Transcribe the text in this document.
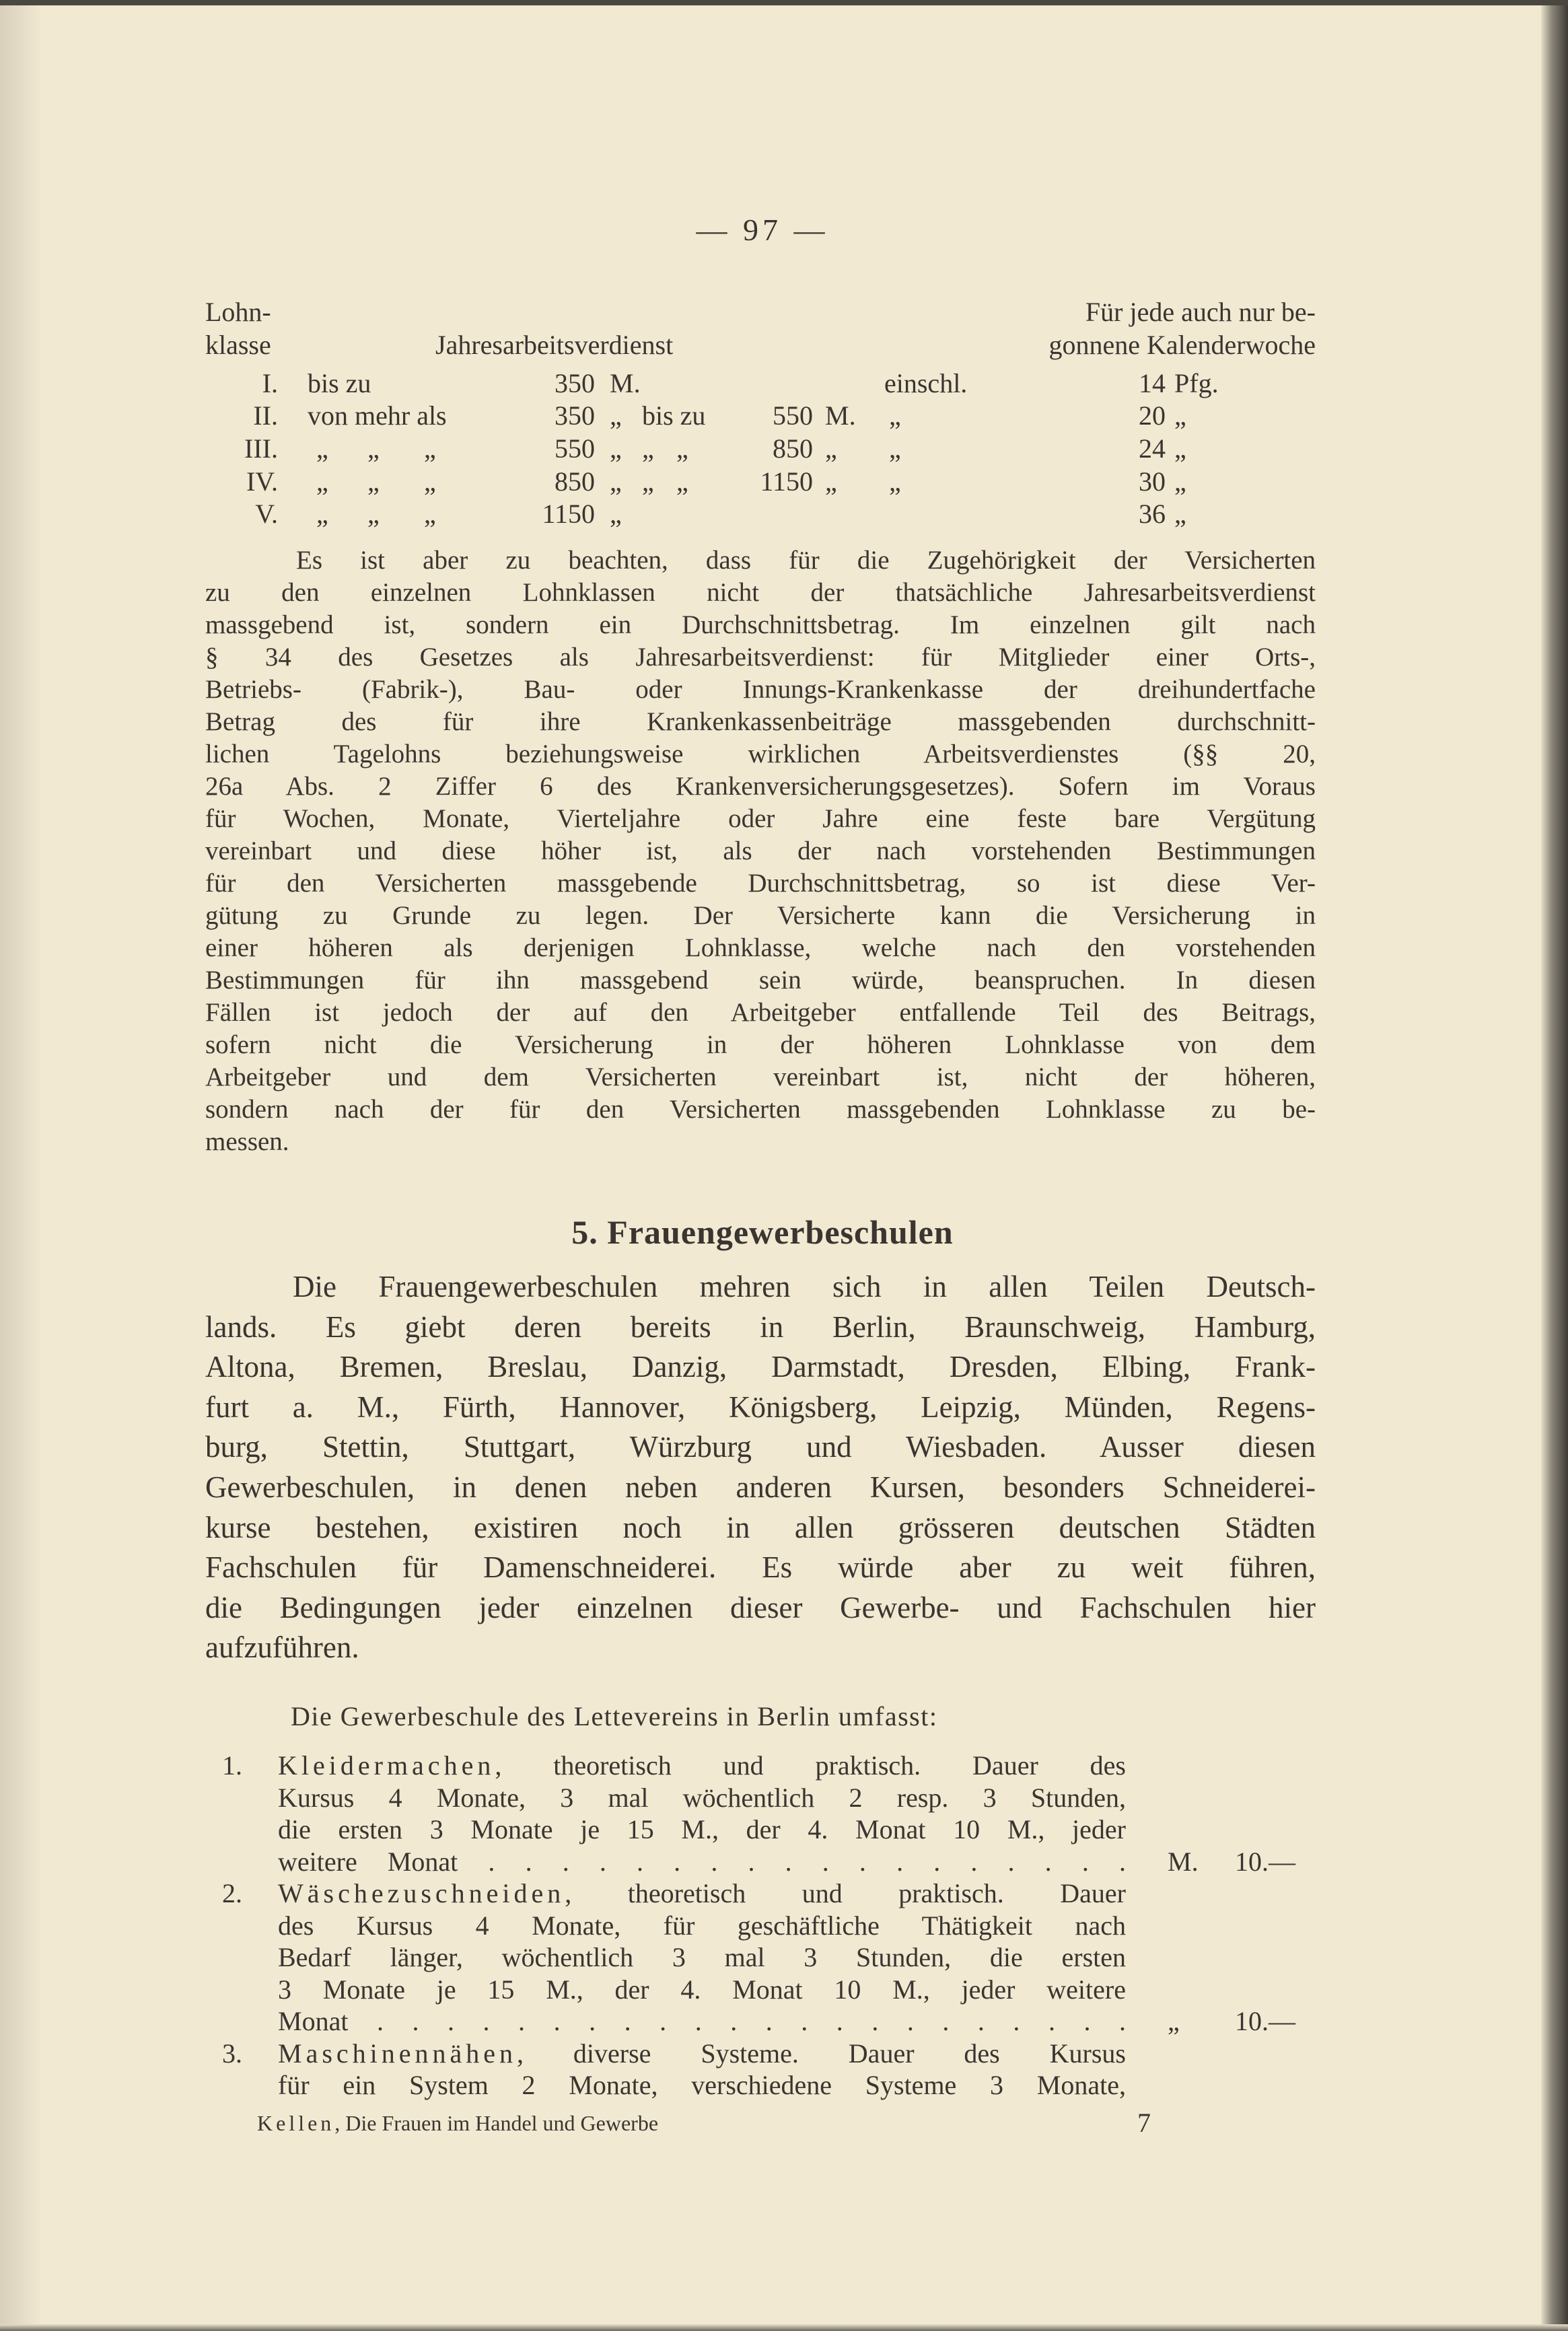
— 97 —
Lohn-
klasse	Jahresarbeitsverdienst
Für jede auch nur be-
gonnene Kalenderwoche
I. bis zu	350 M.	einschl.	14 Pfg.
II. von mehr als	350 „ bis zu 550 M. „	20 „
III. „ „ „	550 „ „ „	850 „ „	24 „
IV. „ „ „	850 „ „ „	1150 „ „	30 „
V. „ „ „	1150 „	36 „
Es ist aber zu beachten, dass für die Zugehörigkeit der Versicherten
zu den einzelnen Lohnklassen nicht der thatsächliche Jahresarbeitsverdienst
massgebend ist, sondern ein Durchschnittsbetrag. Im einzelnen gilt nach
§ 34 des Gesetzes als Jahresarbeitsverdienst: für Mitglieder einer Orts-,
Betriebs- (Fabrik-), Bau- oder Innungs-Krankenkasse der dreihundertfache
Betrag des für ihre Krankenkassenbeiträge massgebenden durchschnitt-
lichen Tagelohns beziehungsweise wirklichen Arbeitsverdienstes (§§ 20,
26a Abs. 2 Ziffer 6 des Krankenversicherungsgesetzes). Sofern im Voraus
für Wochen, Monate, Vierteljahre oder Jahre eine feste bare Vergütung
vereinbart und diese höher ist, als der nach vorstehenden Bestimmungen
für den Versicherten massgebende Durchschnittsbetrag, so ist diese Ver-
gütung zu Grunde zu legen. Der Versicherte kann die Versicherung in
einer höheren als derjenigen Lohnklasse, welche nach den vorstehenden
Bestimmungen für ihn massgebend sein würde, beanspruchen. In diesen
Fällen ist jedoch der auf den Arbeitgeber entfallende Teil des Beitrags,
sofern nicht die Versicherung in der höheren Lohnklasse von dem
Arbeitgeber und dem Versicherten vereinbart ist, nicht der höheren,
sondern nach der für den Versicherten massgebenden Lohnklasse zu be-
messen.
5. Frauengewerbeschulen
Die Frauengewerbeschulen mehren sich in allen Teilen Deutsch-
lands. Es giebt deren bereits in Berlin, Braunschweig, Hamburg,
Altona, Bremen, Breslau, Danzig, Darmstadt, Dresden, Elbing, Frank-
furt a. M., Fürth, Hannover, Königsberg, Leipzig, Münden, Regens-
burg, Stettin, Stuttgart, Würzburg und Wiesbaden. Ausser diesen
Gewerbeschulen, in denen neben anderen Kursen, besonders Schneiderei-
kurse bestehen, existiren noch in allen grösseren deutschen Städten
Fachschulen für Damenschneiderei. Es würde aber zu weit führen,
die Bedingungen jeder einzelnen dieser Gewerbe- und Fachschulen hier
aufzuführen.
Die Gewerbeschule des Lettevereins in Berlin umfasst:
1. Kleidermachen, theoretisch und praktisch. Dauer des
Kursus 4 Monate, 3 mal wöchentlich 2 resp. 3 Stunden,
die ersten 3 Monate je 15 M., der 4. Monat 10 M., jeder
weitere Monat . . . . . . . . . . . . . . . . . . M. 10.—
2. Wäschezuschneiden, theoretisch und praktisch. Dauer
des Kursus 4 Monate, für geschäftliche Thätigkeit nach
Bedarf länger, wöchentlich 3 mal 3 Stunden, die ersten
3 Monate je 15 M., der 4. Monat 10 M., jeder weitere
Monat . . . . . . . . . . . . . . . . . . . . . . „ 10.—
3. Maschinennähen, diverse Systeme. Dauer des Kursus
für ein System 2 Monate, verschiedene Systeme 3 Monate,
Kellen, Die Frauen im Handel und Gewerbe	7
